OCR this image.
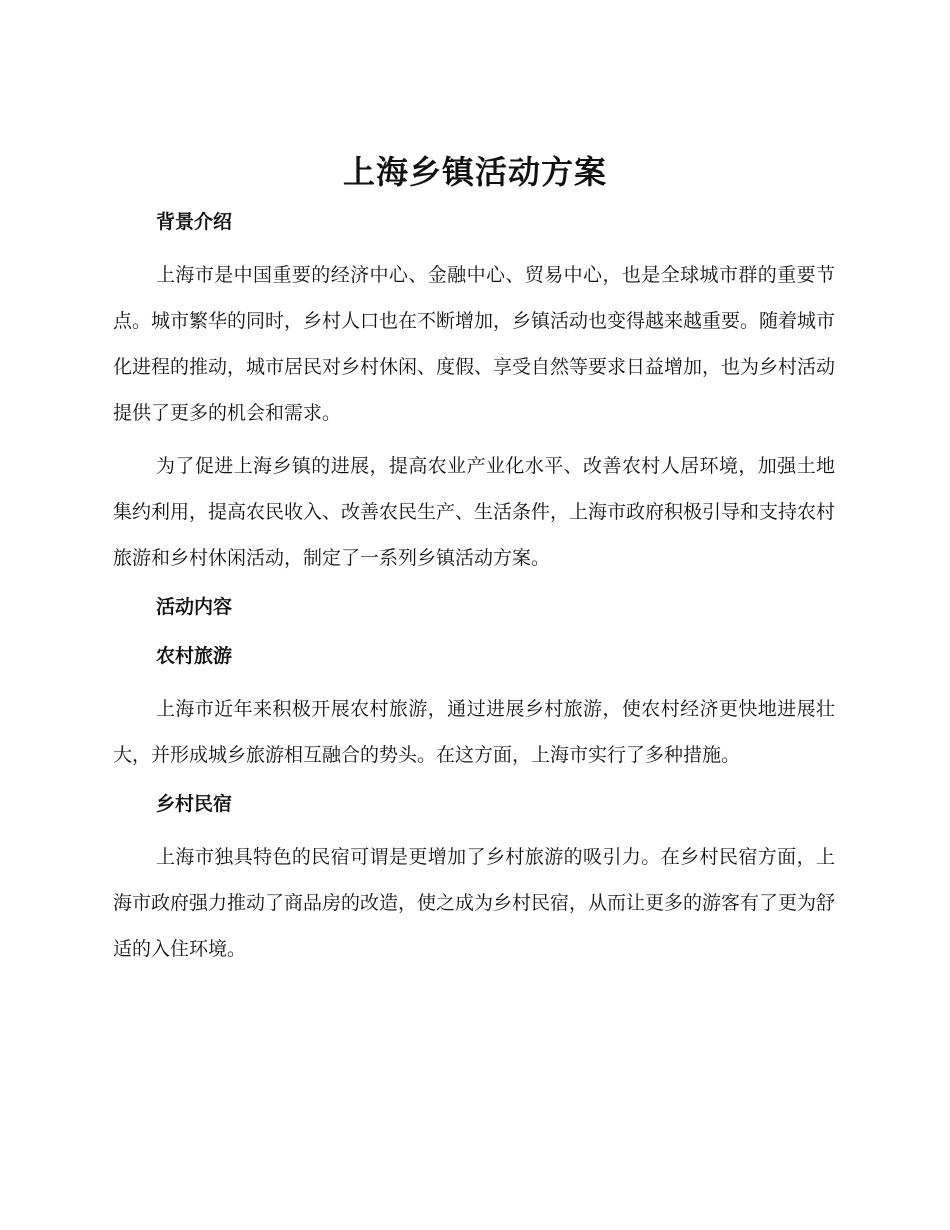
上海乡镇活动方案
背景介绍

上海市是中国重要的经济中心、金融中心、贸易中心，也是全球城市群的重要节点。城市繁华的同时，乡村人口也在不断增加，乡镇活动也变得越来越重要。随着城市化进程的推动，城市居民对乡村休闲、度假、享受自然等要求日益增加，也为乡村活动提供了更多的机会和需求。

为了促进上海乡镇的进展，提高农业产业化水平、改善农村人居环境，加强土地集约利用，提高农民收入、改善农民生产、生活条件，上海市政府积极引导和支持农村旅游和乡村休闲活动，制定了一系列乡镇活动方案。

活动内容
农村旅游

上海市近年来积极开展农村旅游，通过进展乡村旅游，使农村经济更快地进展壮大，并形成城乡旅游相互融合的势头。在这方面，上海市实行了多种措施。

乡村民宿

上海市独具特色的民宿可谓是更增加了乡村旅游的吸引力。在乡村民宿方面，上海市政府强力推动了商品房的改造，使之成为乡村民宿，从而让更多的游客有了更为舒适的入住环境。
